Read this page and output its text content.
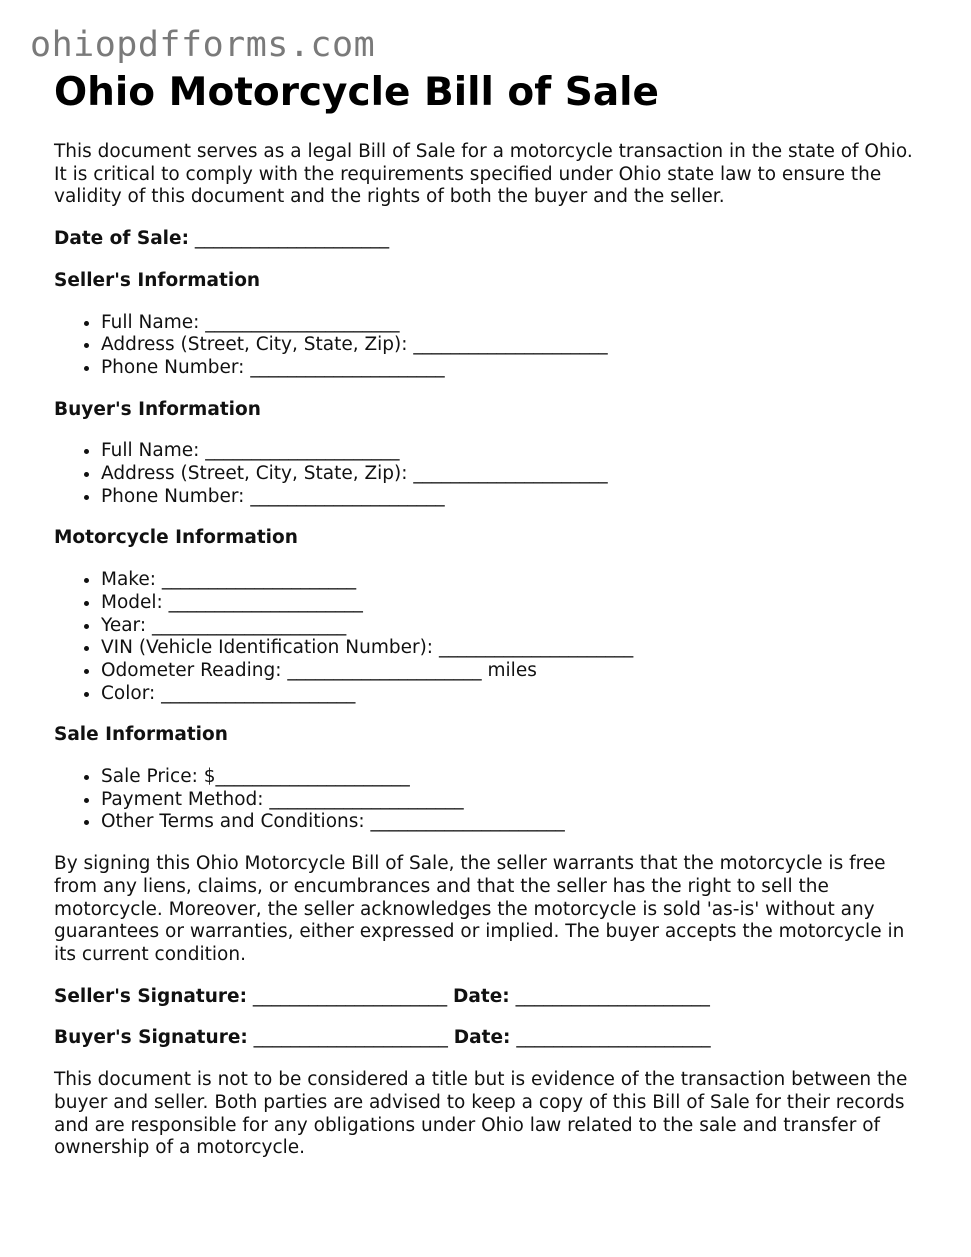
ohiopdfforms.com
Ohio Motorcycle Bill of Sale

This document serves as a legal Bill of Sale for a motorcycle transaction in the state of Ohio. It is critical to comply with the requirements specified under Ohio state law to ensure the validity of this document and the rights of both the buyer and the seller.

Date of Sale: _____________________

Seller's Information

• Full Name: _____________________
• Address (Street, City, State, Zip): _____________________
• Phone Number: _____________________

Buyer's Information

• Full Name: _____________________
• Address (Street, City, State, Zip): _____________________
• Phone Number: _____________________

Motorcycle Information

• Make: _____________________
• Model: _____________________
• Year: _____________________
• VIN (Vehicle Identification Number): _____________________
• Odometer Reading: _____________________ miles
• Color: _____________________

Sale Information

• Sale Price: $_____________________
• Payment Method: _____________________
• Other Terms and Conditions: _____________________

By signing this Ohio Motorcycle Bill of Sale, the seller warrants that the motorcycle is free from any liens, claims, or encumbrances and that the seller has the right to sell the motorcycle. Moreover, the seller acknowledges the motorcycle is sold 'as-is' without any guarantees or warranties, either expressed or implied. The buyer accepts the motorcycle in its current condition.

Seller's Signature: _____________________ Date: _____________________

Buyer's Signature: _____________________ Date: _____________________

This document is not to be considered a title but is evidence of the transaction between the buyer and seller. Both parties are advised to keep a copy of this Bill of Sale for their records and are responsible for any obligations under Ohio law related to the sale and transfer of ownership of a motorcycle.
